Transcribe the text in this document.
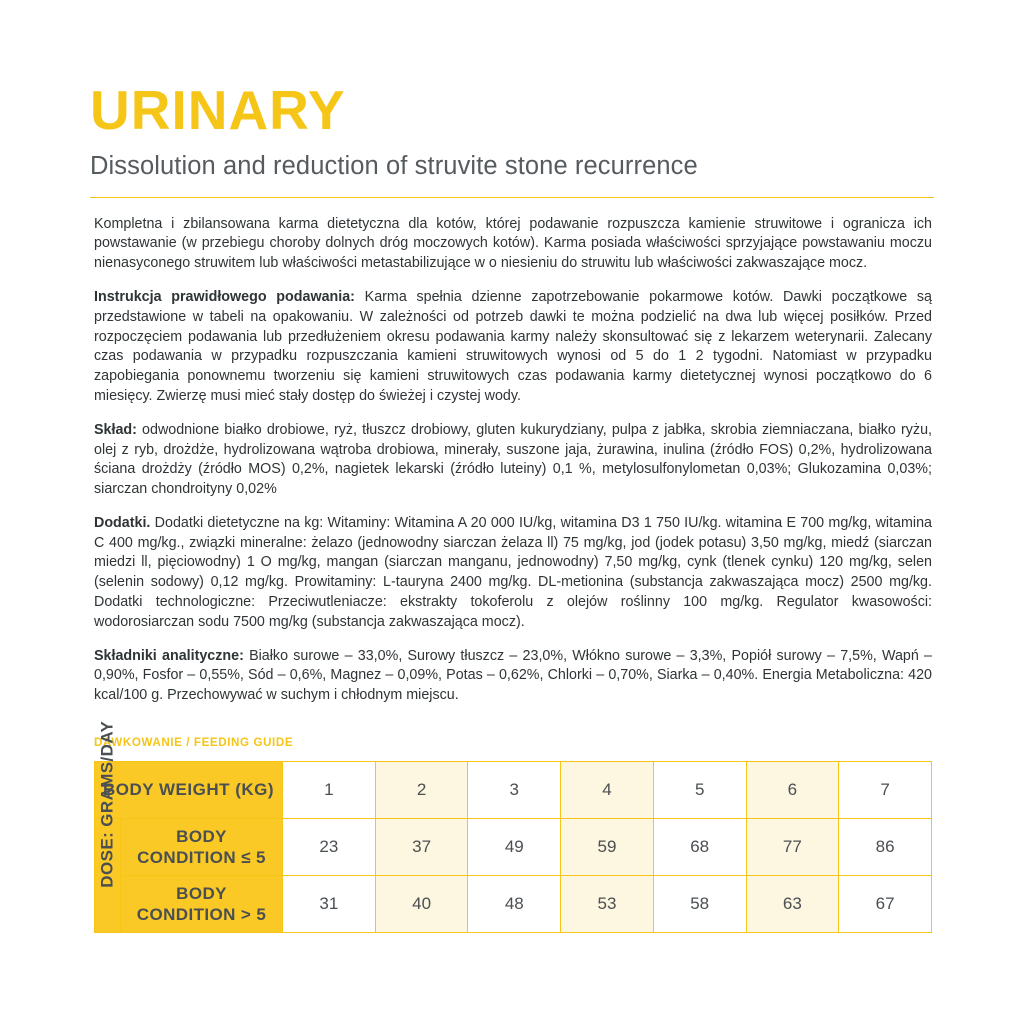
URINARY
Dissolution and reduction of struvite stone recurrence

Kompletna i zbilansowana karma dietetyczna dla kotów, której podawanie rozpuszcza kamienie struwitowe i ogranicza ich powstawanie (w przebiegu choroby dolnych dróg moczowych kotów). Karma posiada właściwości sprzyjające powstawaniu moczu nienasyconego struwitem lub właściwości metastabilizujące w o niesieniu do struwitu lub właściwości zakwaszające mocz.

Instrukcja prawidłowego podawania: Karma spełnia dzienne zapotrzebowanie pokarmowe kotów. Dawki początkowe są przedstawione w tabeli na opakowaniu. W zależności od potrzeb dawki te można podzielić na dwa lub więcej posiłków. Przed rozpoczęciem podawania lub przedłużeniem okresu podawania karmy należy skonsultować się z lekarzem weterynarii. Zalecany czas podawania w przypadku rozpuszczania kamieni struwitowych wynosi od 5 do 1 2 tygodni. Natomiast w przypadku zapobiegania ponownemu tworzeniu się kamieni struwitowych czas podawania karmy dietetycznej wynosi początkowo do 6 miesięcy. Zwierzę musi mieć stały dostęp do świeżej i czystej wody.

Skład: odwodnione białko drobiowe, ryż, tłuszcz drobiowy, gluten kukurydziany, pulpa z jabłka, skrobia ziemniaczana, białko ryżu, olej z ryb, drożdże, hydrolizowana wątroba drobiowa, minerały, suszone jaja, żurawina, inulina (źródło FOS) 0,2%, hydrolizowana ściana drożdży (źródło MOS) 0,2%, nagietek lekarski (źródło luteiny) 0,1 %, metylosulfonylometan 0,03%; Glukozamina 0,03%; siarczan chondroityny 0,02%

Dodatki. Dodatki dietetyczne na kg: Witaminy: Witamina A 20 000 IU/kg, witamina D3 1 750 IU/kg. witamina E 700 mg/kg, witamina C 400 mg/kg., związki mineralne: żelazo (jednowodny siarczan żelaza ll) 75 mg/kg, jod (jodek potasu) 3,50 mg/kg, miedź (siarczan miedzi ll, pięciowodny) 1 O mg/kg, mangan (siarczan manganu, jednowodny) 7,50 mg/kg, cynk (tlenek cynku) 120 mg/kg, selen (selenin sodowy) 0,12 mg/kg. Prowitaminy: L-tauryna 2400 mg/kg. DL-metionina (substancja zakwaszająca mocz) 2500 mg/kg. Dodatki technologiczne: Przeciwutleniacze: ekstrakty tokoferolu z olejów roślinny 100 mg/kg. Regulator kwasowości: wodorosiarczan sodu 7500 mg/kg (substancja zakwaszająca mocz).

Składniki analityczne: Białko surowe – 33,0%, Surowy tłuszcz – 23,0%, Włókno surowe – 3,3%, Popiół surowy – 7,5%, Wapń – 0,90%, Fosfor – 0,55%, Sód – 0,6%, Magnez – 0,09%, Potas – 0,62%, Chlorki – 0,70%, Siarka – 0,40%. Energia Metaboliczna: 420 kcal/100 g. Przechowywać w suchym i chłodnym miejscu.

DAWKOWANIE / FEEDING GUIDE
BODY WEIGHT (KG)		1	2	3	4	5	6	7

BODY CONDITION ≤ 5	23	37	49	59	68	77	86

	BODY CONDITION > 5	31	40	48	53	58	63	67
